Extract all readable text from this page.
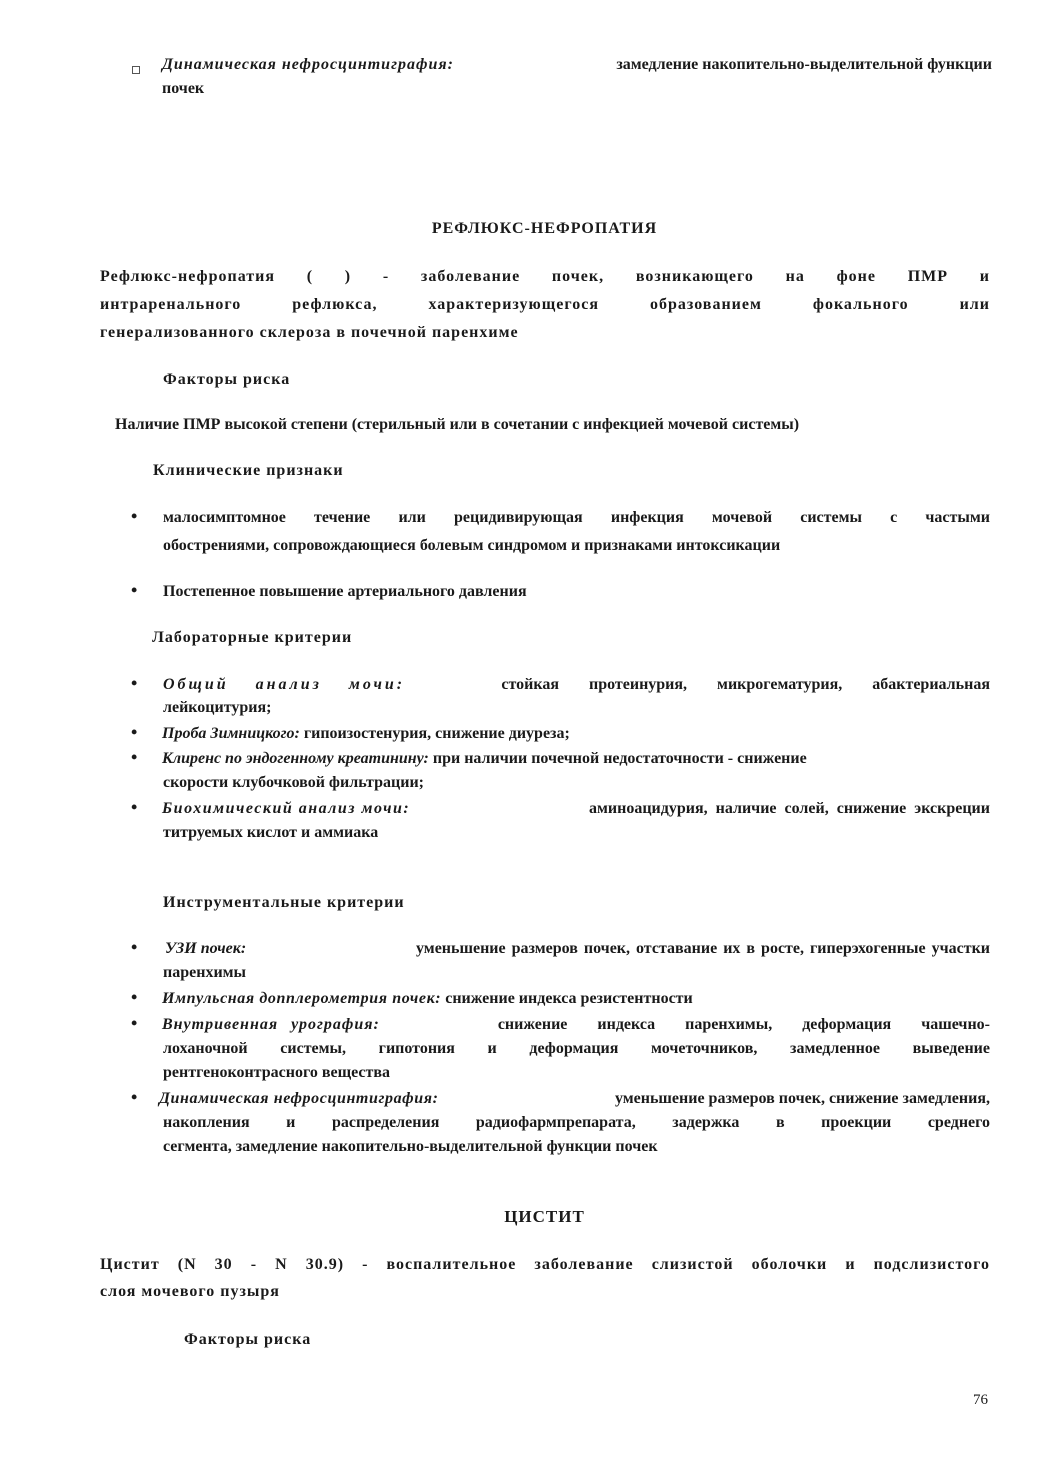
Динамическая нефросцинтиграфия:	замедление накопительно-выделительной функции
почек
РЕФЛЮКС-НЕФРОПАТИЯ
Рефлюкс-нефропатия ( ) - заболевание почек, возникающего на фоне ПМР и
интраренального рефлюкса, характеризующегося образованием фокального или
генерализованного склероза в почечной паренхиме
Факторы риска
Наличие ПМР высокой степени (стерильный или в сочетании с инфекцией мочевой системы)
Клинические признаки
• малосимптомное течение или рецидивирующая инфекция мочевой системы с частыми
обострениями, сопровождающиеся болевым синдромом и признаками интоксикации
• Постепенное повышение артериального давления
Лабораторные критерии
• Общий анализ мочи:	стойкая протеинурия, микрогематурия, абактериальная
лейкоцитурия;
• Проба Зимницкого: гипоизостенурия, снижение диуреза;
• Клиренс по эндогенному креатинину: при наличии почечной недостаточности - снижение
скорости клубочковой фильтрации;
• Биохимический анализ мочи:	аминоацидурия, наличие солей, снижение экскреции
титруемых кислот и аммиака
Инструментальные критерии
• УЗИ почек:	уменьшение размеров почек, отставание их в росте, гиперэхогенные участки
паренхимы
• Импульсная допплерометрия почек: снижение индекса резистентности
• Внутривенная урография:	снижение индекса паренхимы, деформация чашечно-
лоханочной системы, гипотония и деформация мочеточников, замедленное выведение
рентгеноконтрасного вещества
• Динамическая нефросцинтиграфия:	уменьшение размеров почек, снижение замедления,
накопления и распределения радиофармпрепарата, задержка в проекции среднего
сегмента, замедление накопительно-выделительной функции почек
ЦИСТИТ
Цистит (N 30 - N 30.9) - воспалительное заболевание слизистой оболочки и подслизистого
слоя мочевого пузыря
Факторы риска
76
